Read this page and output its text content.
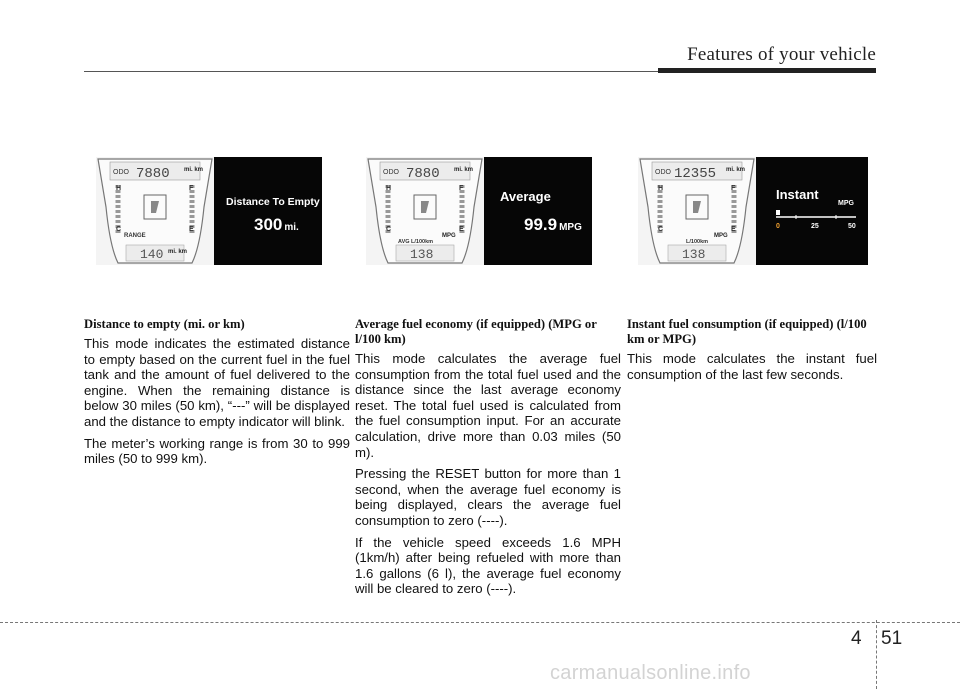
Features of your vehicle
ODO 7880 mi. km
H
C
F
E
RANGE
140 mi. km
Distance To Empty
300 mi.
ODO 7880 mi. km
H
C
F
E
AVG L/100km
138
MPG
Average
99.9 MPG
ODO 12355 mi. km
H
C
F
E
L/100km
138
MPG
Instant
MPG
0	25	50
Distance to empty (mi. or km)

This mode indicates the estimated distance to empty based on the current fuel in the fuel tank and the amount of fuel delivered to the engine. When the remaining distance is below 30 miles (50 km), “---” will be displayed and the distance to empty indicator will blink.

The meter’s working range is from 30 to 999 miles (50 to 999 km).

Average fuel economy (if equipped) (MPG or l/100 km)

This mode calculates the average fuel consumption from the total fuel used and the distance since the last average economy reset. The total fuel used is calculated from the fuel consumption input. For an accurate calculation, drive more than 0.03 miles (50 m).

Pressing the RESET button for more than 1 second, when the average fuel economy is being displayed, clears the average fuel consumption to zero (----).

If the vehicle speed exceeds 1.6 MPH (1km/h) after being refueled with more than 1.6 gallons (6 l), the average fuel economy will be cleared to zero (----).

Instant fuel consumption (if equipped) (l/100 km or MPG)

This mode calculates the instant fuel consumption of the last few seconds.

4 51
carmanualsonline.info
